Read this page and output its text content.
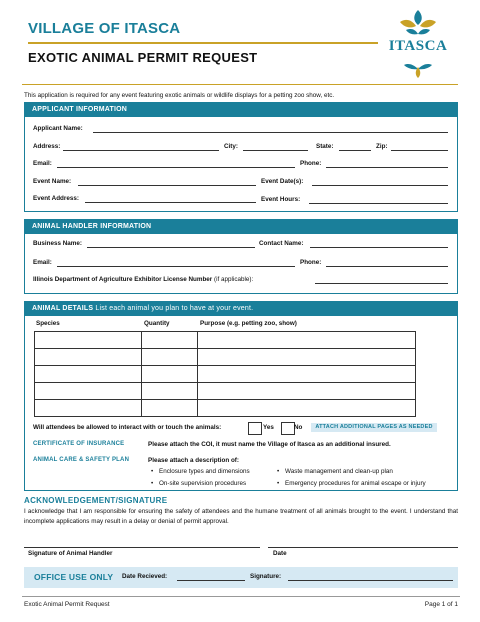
VILLAGE OF ITASCA
EXOTIC ANIMAL PERMIT REQUEST
ITASCA
This application is required for any event featuring exotic animals or wildlife displays for a petting zoo show, etc.
APPLICANT INFORMATION
Applicant Name:
Address:	City:	State:	Zip:
Email:	Phone:
Event Name:	Event Date(s):
Event Address:	Event Hours:
ANIMAL HANDLER INFORMATION
Business Name:	Contact Name:
Email:	Phone:
Illinois Department of Agriculture Exhibitor License Number (if applicable):
ANIMAL DETAILS List each animal you plan to have at your event.
Species	Quantity	Purpose (e.g. petting zoo, show)

Will attendees be allowed to interact with or touch the animals:	Yes	No	ATTACH ADDITIONAL PAGES AS NEEDED
CERTIFICATE OF INSURANCE	Please attach the COI, it must name the Village of Itasca as an additional insured.
ANIMAL CARE & SAFETY PLAN	Please attach a description of:
• Enclosure types and dimensions	• Waste management and clean-up plan
• On-site supervision procedures	• Emergency procedures for animal escape or injury
ACKNOWLEDGEMENT/SIGNATURE
I acknowledge that I am responsible for ensuring the safety of attendees and the humane treatment of all animals brought to the event. I understand that incomplete applications may result in a delay or denial of permit approval.
Signature of Animal Handler	Date
OFFICE USE ONLY Date Recieved:	Signature:
Exotic Animal Permit Request	Page 1 of 1
